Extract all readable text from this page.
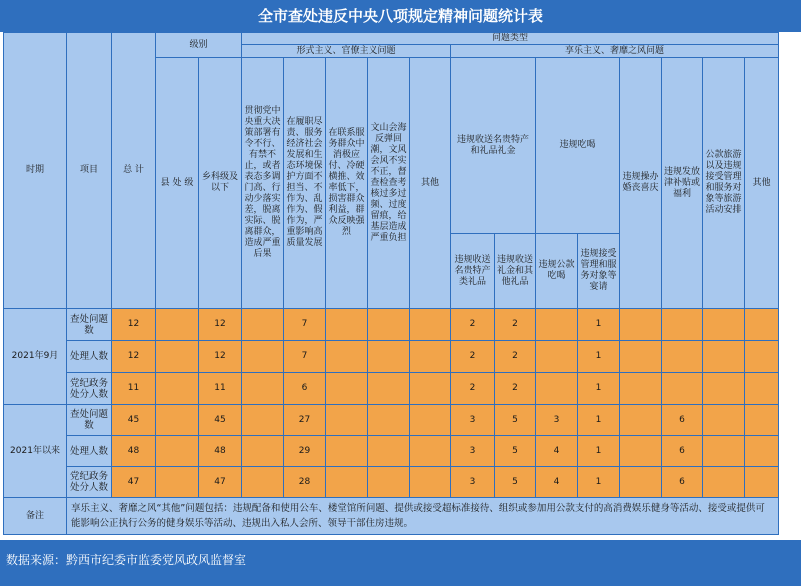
全市查处违反中央八项规定精神问题统计表
时期	项目	总 计	级别		问题类型												
					形式主义、官僚主义问题					享乐主义、奢靡之风问题							
			县 处 级	乡科级及以下	贯彻党中央重大决策部署有令不行、有禁不止，或者表态多调门高、行动少落实差，脱离实际、脱离群众，造成严重后果	在履职尽责、服务经济社会发展和生态环境保护方面不担当、不作为、乱作为、假作为，严重影响高质量发展	在联系服务群众中消极应付、冷硬横推、效率低下，损害群众利益，群众反映强烈	文山会海反弹回潮，文风会风不实不正，督查检查考核过多过频、过度留痕，给基层造成严重负担	其他	违规收送名贵特产和礼品礼金		违规吃喝		违规操办婚丧喜庆	违规发放津补贴或福利	公款旅游以及违规接受管理和服务对象等旅游活动安排	其他
										违规收送名贵特产类礼品	违规收送礼金和其他礼品	违规公款吃喝	违规接受管理和服务对象等宴请				
2021年9月	查处问题数	12		12		7				2	2		1				
	处理人数	12		12		7				2	2		1				
	党纪政务处分人数	11		11		6				2	2		1				
2021年以来	查处问题数	45		45		27				3	5	3	1		6		
	处理人数	48		48		29				3	5	4	1		6		
	党纪政务处分人数	47		47		28				3	5	4	1		6		
备注	享乐主义、奢靡之风“其他”问题包括：违规配备和使用公车、楼堂馆所问题、提供或接受超标准接待、组织或参加用公款支付的高消费娱乐健身等活动、接受或提供可能影响公正执行公务的健身娱乐等活动、违规出入私人会所、领导干部住房违规。																
数据来源：黔西市纪委市监委党风政风监督室
